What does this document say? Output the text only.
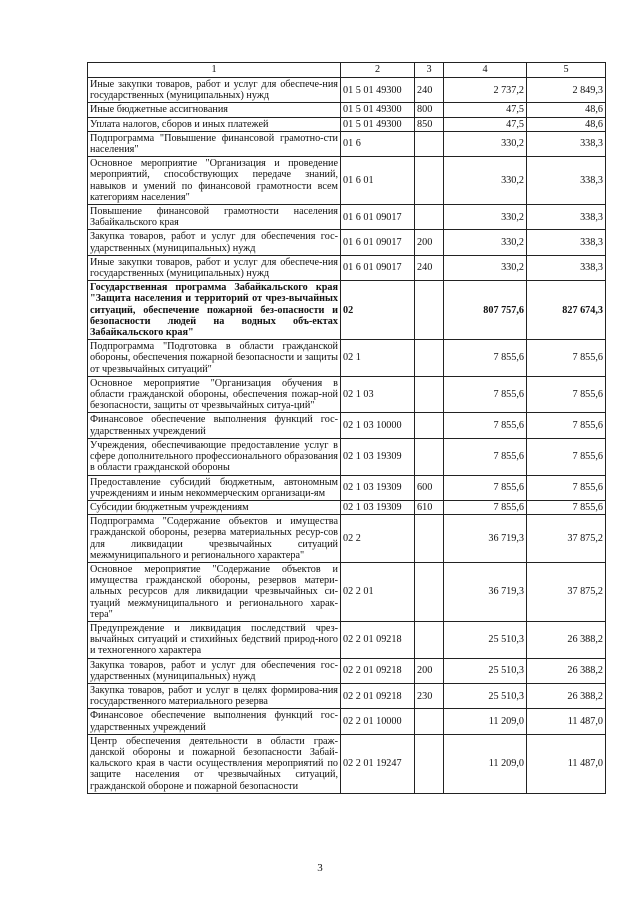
1	2	3	4	5
Иные закупки товаров, работ и услуг для обеспече-ния государственных (муниципальных) нужд	01 5 01 49300	240	2 737,2	2 849,3
Иные бюджетные ассигнования	01 5 01 49300	800	47,5	48,6
Уплата налогов, сборов и иных платежей	01 5 01 49300	850	47,5	48,6
Подпрограмма "Повышение финансовой грамотно-сти населения"	01 6		330,2	338,3
Основное мероприятие "Организация и проведение мероприятий, способствующих передаче знаний, навыков и умений по финансовой грамотности всем категориям населения"	01 6 01		330,2	338,3
Повышение финансовой грамотности населения Забайкальского края	01 6 01 09017		330,2	338,3
Закупка товаров, работ и услуг для обеспечения гос-ударственных (муниципальных) нужд	01 6 01 09017	200	330,2	338,3
Иные закупки товаров, работ и услуг для обеспече-ния государственных (муниципальных) нужд	01 6 01 09017	240	330,2	338,3
Государственная программа Забайкальского края "Защита населения и территорий от чрез-вычайных ситуаций, обеспечение пожарной без-опасности и безопасности людей на водных объ-ектах Забайкальского края"	02		807 757,6	827 674,3
Подпрограмма "Подготовка в области гражданской обороны, обеспечения пожарной безопасности и защиты от чрезвычайных ситуаций"	02 1		7 855,6	7 855,6
Основное мероприятие "Организация обучения в области гражданской обороны, обеспечения пожар-ной безопасности, защиты от чрезвычайных ситуа-ций"	02 1 03		7 855,6	7 855,6
Финансовое обеспечение выполнения функций гос-ударственных учреждений	02 1 03 10000		7 855,6	7 855,6
Учреждения, обеспечивающие предоставление услуг в сфере дополнительного профессионального образования в области гражданской обороны	02 1 03 19309		7 855,6	7 855,6
Предоставление субсидий бюджетным, автономным учреждениям и иным некоммерческим организаци-ям	02 1 03 19309	600	7 855,6	7 855,6
Субсидии бюджетным учреждениям	02 1 03 19309	610	7 855,6	7 855,6
Подпрограмма "Содержание объектов и имущества гражданской обороны, резерва материальных ресур-сов для ликвидации чрезвычайных ситуаций межмуниципального и регионального характера"	02 2		36 719,3	37 875,2
Основное мероприятие "Содержание объектов и имущества гражданской обороны, резервов матери-альных ресурсов для ликвидации чрезвычайных си-туаций межмуниципального и регионального харак-тера"	02 2 01		36 719,3	37 875,2
Предупреждение и ликвидация последствий чрез-вычайных ситуаций и стихийных бедствий природ-ного и техногенного характера	02 2 01 09218		25 510,3	26 388,2
Закупка товаров, работ и услуг для обеспечения гос-ударственных (муниципальных) нужд	02 2 01 09218	200	25 510,3	26 388,2
Закупка товаров, работ и услуг в целях формирова-ния государственного материального резерва	02 2 01 09218	230	25 510,3	26 388,2
Финансовое обеспечение выполнения функций гос-ударственных учреждений	02 2 01 10000		11 209,0	11 487,0
Центр обеспечения деятельности в области граж-данской обороны и пожарной безопасности Забай-кальского края в части осуществления мероприятий по защите населения от чрезвычайных ситуаций, гражданской обороне и пожарной безопасности	02 2 01 19247		11 209,0	11 487,0
3
